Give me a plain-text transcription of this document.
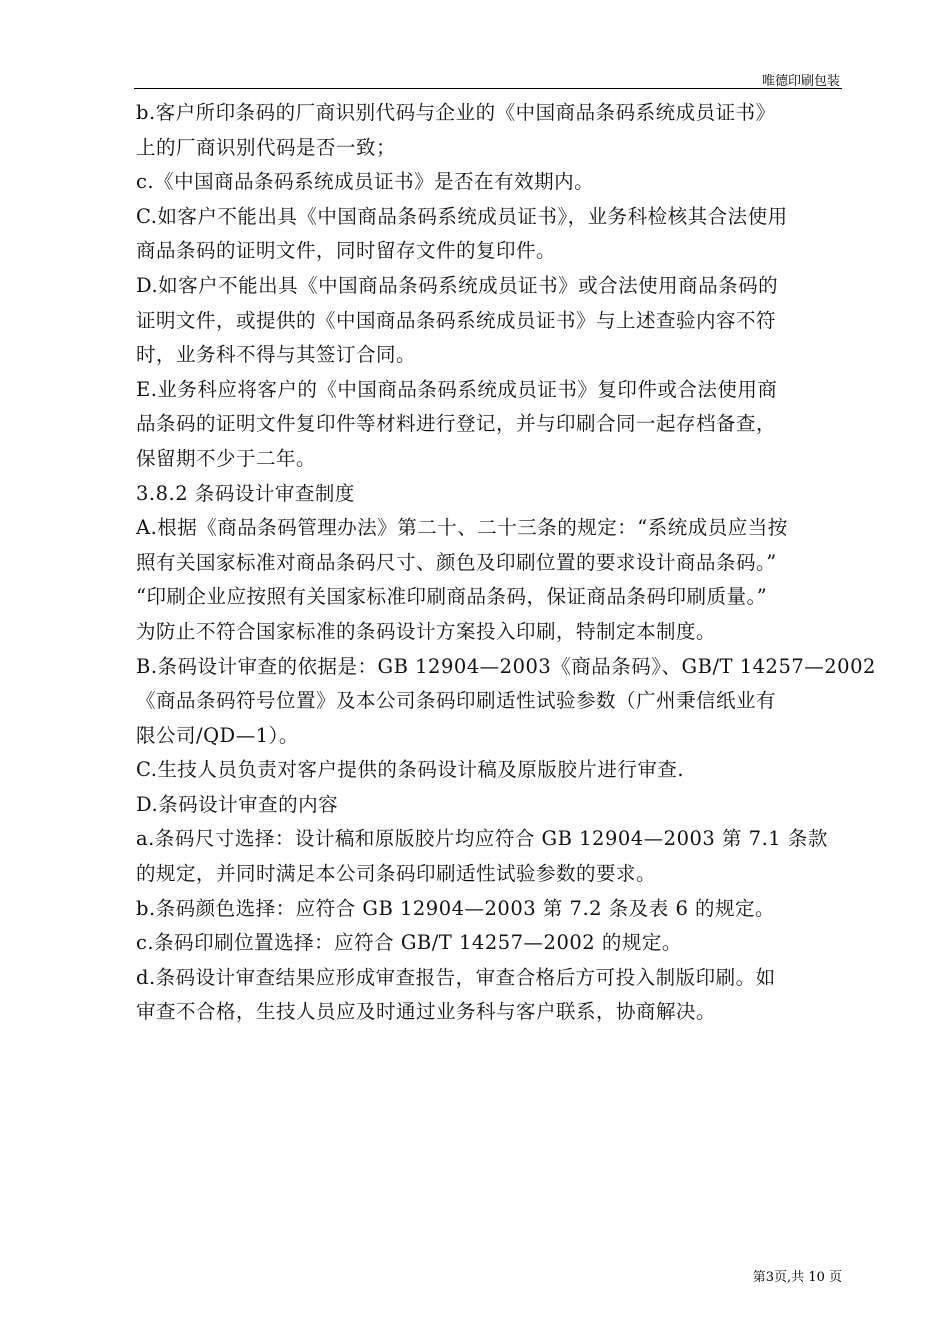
唯德印刷包装

b.客户所印条码的厂商识别代码与企业的《中国商品条码系统成员证书》

上的厂商识别代码是否一致；

c.《中国商品条码系统成员证书》是否在有效期内。

C.如客户不能出具《中国商品条码系统成员证书》，业务科检核其合法使用

商品条码的证明文件，同时留存文件的复印件。

D.如客户不能出具《中国商品条码系统成员证书》或合法使用商品条码的

证明文件，或提供的《中国商品条码系统成员证书》与上述查验内容不符

时，业务科不得与其签订合同。

E.业务科应将客户的《中国商品条码系统成员证书》复印件或合法使用商

品条码的证明文件复印件等材料进行登记，并与印刷合同一起存档备查，

保留期不少于二年。

3.8.2 条码设计审查制度

A.根据《商品条码管理办法》第二十、二十三条的规定：“系统成员应当按

照有关国家标准对商品条码尺寸、颜色及印刷位置的要求设计商品条码。”

“印刷企业应按照有关国家标准印刷商品条码，保证商品条码印刷质量。”

为防止不符合国家标准的条码设计方案投入印刷，特制定本制度。

B.条码设计审查的依据是：GB 12904—2003《商品条码》、GB/T 14257—2002

《商品条码符号位置》及本公司条码印刷适性试验参数（广州秉信纸业有

限公司/QD—1）。

C.生技人员负责对客户提供的条码设计稿及原版胶片进行审查.

D.条码设计审查的内容

a.条码尺寸选择：设计稿和原版胶片均应符合 GB 12904—2003 第 7.1 条款

的规定，并同时满足本公司条码印刷适性试验参数的要求。

b.条码颜色选择：应符合 GB 12904—2003 第 7.2 条及表 6 的规定。

c.条码印刷位置选择：应符合 GB/T 14257—2002 的规定。

d.条码设计审查结果应形成审查报告，审查合格后方可投入制版印刷。如

审查不合格，生技人员应及时通过业务科与客户联系，协商解决。

第3页,共 10 页
